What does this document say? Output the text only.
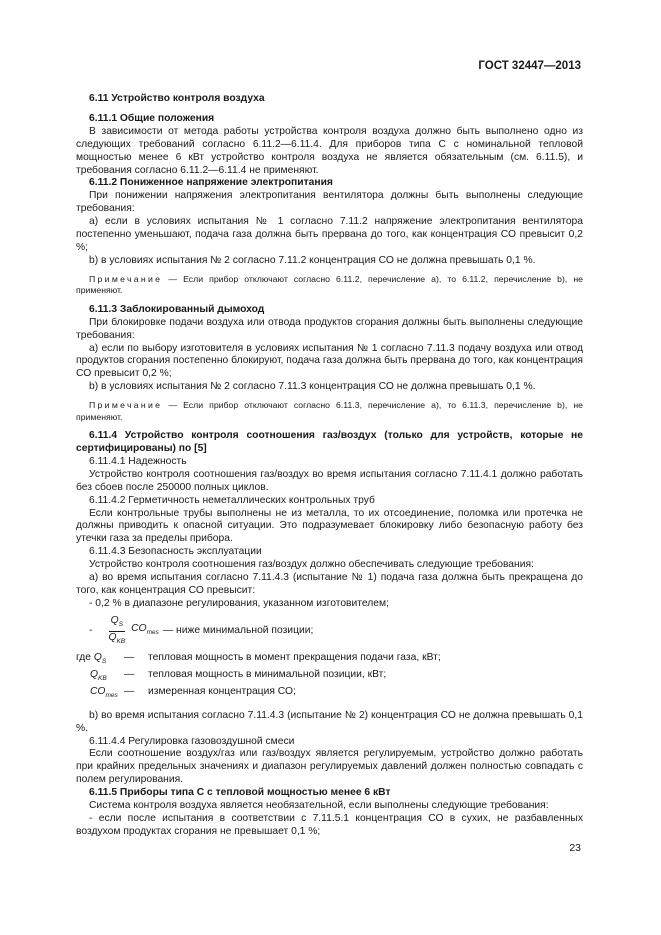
ГОСТ 32447—2013

6.11 Устройство контроля воздуха

6.11.1 Общие положения

В зависимости от метода работы устройства контроля воздуха должно быть выполнено одно из следующих требований согласно 6.11.2—6.11.4. Для приборов типа С с номинальной тепловой мощностью менее 6 кВт устройство контроля воздуха не является обязательным (см. 6.11.5), и требования согласно 6.11.2—6.11.4 не применяют.

6.11.2 Пониженное напряжение электропитания

При понижении напряжения электропитания вентилятора должны быть выполнены следующие требования:

а) если в условиях испытания № 1 согласно 7.11.2 напряжение электропитания вентилятора постепенно уменьшают, подача газа должна быть прервана до того, как концентрация СО превысит 0,2 %;

b) в условиях испытания № 2 согласно 7.11.2 концентрация СО не должна превышать 0,1 %.

Примечание — Если прибор отключают согласно 6.11.2, перечисление а), то 6.11.2, перечисление b), не применяют.

6.11.3 Заблокированный дымоход

При блокировке подачи воздуха или отвода продуктов сгорания должны быть выполнены следующие требования:

а) если по выбору изготовителя в условиях испытания № 1 согласно 7.11.3 подачу воздуха или отвод продуктов сгорания постепенно блокируют, подача газа должна быть прервана до того, как концентрация СО превысит 0,2 %;

b) в условиях испытания № 2 согласно 7.11.3 концентрация СО не должна превышать 0,1 %.

Примечание — Если прибор отключают согласно 6.11.3, перечисление а), то 6.11.3, перечисление b), не применяют.

6.11.4 Устройство контроля соотношения газ/воздух (только для устройств, которые не сертифицированы) по [5]

6.11.4.1 Надежность

Устройство контроля соотношения газ/воздух во время испытания согласно 7.11.4.1 должно работать без сбоев после 250000 полных циклов.

6.11.4.2 Герметичность неметаллических контрольных труб

Если контрольные трубы выполнены не из металла, то их отсоединение, поломка или протечка не должны приводить к опасной ситуации. Это подразумевает блокировку либо безопасную работу без утечки газа за пределы прибора.

6.11.4.3 Безопасность эксплуатации

Устройство контроля соотношения газ/воздух должно обеспечивать следующие требования:

а) во время испытания согласно 7.11.4.3 (испытание № 1) подача газа должна быть прекращена до того, как концентрация СО превысит:

- 0,2 % в диапазоне регулирования, указанном изготовителем;

- $\frac{Q_S}{Q_{KB}} CO_{mes}$ — ниже минимальной позиции;
где $Q_S$	—	тепловая мощность в момент прекращения подачи газа, кВт;
$Q_{KB}$	—	тепловая мощность в минимальной позиции, кВт;
$CO_{mes}$ —	измеренная концентрация СО;

b) во время испытания согласно 7.11.4.3 (испытание № 2) концентрация СО не должна превышать 0,1 %.

6.11.4.4 Регулировка газовоздушной смеси

Если соотношение воздух/газ или газ/воздух является регулируемым, устройство должно работать при крайних предельных значениях и диапазон регулируемых давлений должен полностью совпадать с полем регулирования.

6.11.5 Приборы типа С с тепловой мощностью менее 6 кВт

Система контроля воздуха является необязательной, если выполнены следующие требования:

- если после испытания в соответствии с 7.11.5.1 концентрация СО в сухих, не разбавленных воздухом продуктах сгорания не превышает 0,1 %;

23
